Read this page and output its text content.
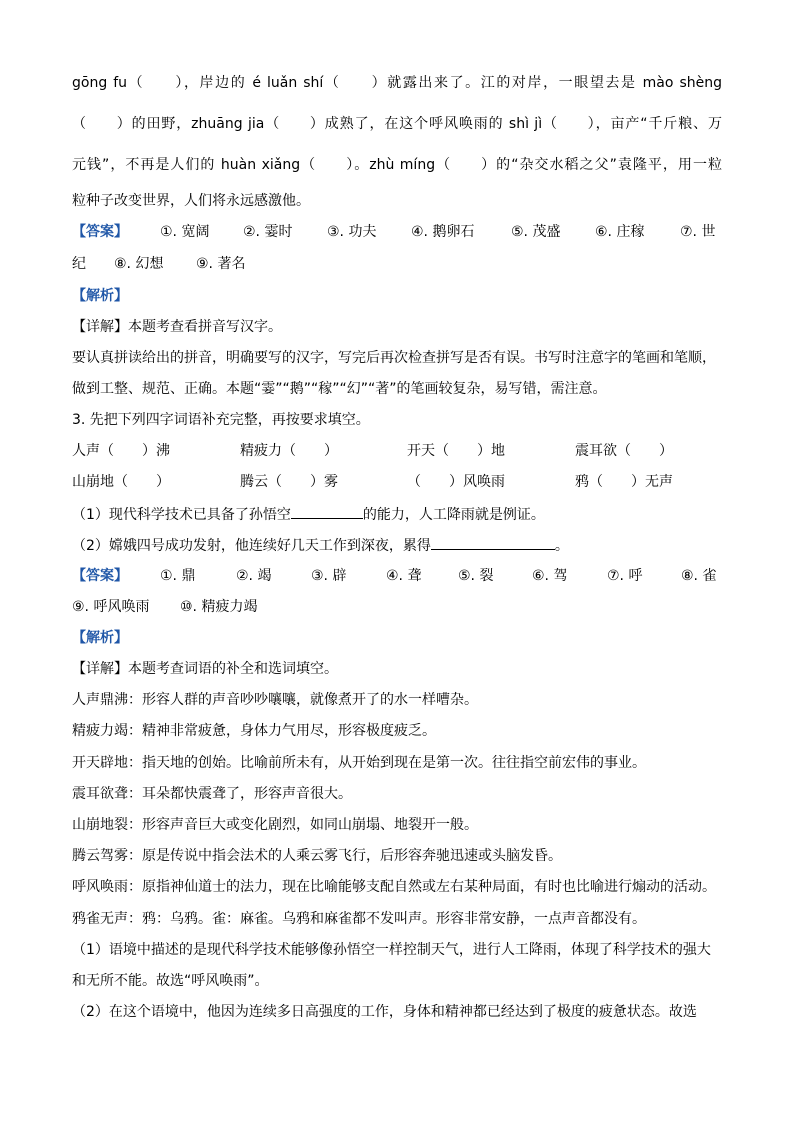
gōng fu（　　），岸边的 é luǎn shí（　　）就露出来了。江的对岸，一眼望去是 mào shèng
（　　）的田野，zhuāng jia（　　）成熟了，在这个呼风唤雨的 shì jì（　　），亩产“千斤粮、万
元钱”，不再是人们的 huàn xiǎng（　　）。zhù míng（　　）的“杂交水稻之父”袁隆平，用一粒
粒种子改变世界，人们将永远感激他。
【答案】 ①. 宽阔 ②. 霎时 ③. 功夫 ④. 鹅卵石	⑤. 茂盛 ⑥. 庄稼	⑦. 世
纪 ⑧. 幻想 ⑨. 著名
【解析】
【详解】本题考查看拼音写汉字。
要认真拼读给出的拼音，明确要写的汉字，写完后再次检查拼写是否有误。书写时注意字的笔画和笔顺，
做到工整、规范、正确。本题“霎”“鹅”“稼”“幻”“著”的笔画较复杂，易写错，需注意。
3. 先把下列四字词语补充完整，再按要求填空。
人声（　　）沸	精疲力（　　）	开天（　　）地	震耳欲（　　）
山崩地（　　）	腾云（　　）雾	（　　）风唤雨	鸦（　　）无声
（1）现代科学技术已具备了孙悟空	的能力，人工降雨就是例证。
（2）嫦娥四号成功发射，他连续好几天工作到深夜，累得	。
【答案】 ①. 鼎	②. 竭	③. 辟	④. 聋	⑤. 裂	⑥. 驾	⑦. 呼	⑧. 雀
⑨. 呼风唤雨 ⑩. 精疲力竭
【解析】
【详解】本题考查词语的补全和选词填空。
人声鼎沸：形容人群的声音吵吵嚷嚷，就像煮开了的水一样嘈杂。
精疲力竭：精神非常疲惫，身体力气用尽，形容极度疲乏。
开天辟地：指天地的创始。比喻前所未有，从开始到现在是第一次。往往指空前宏伟的事业。
震耳欲聋：耳朵都快震聋了，形容声音很大。
山崩地裂：形容声音巨大或变化剧烈，如同山崩塌、地裂开一般。
腾云驾雾：原是传说中指会法术的人乘云雾飞行，后形容奔驰迅速或头脑发昏。
呼风唤雨：原指神仙道士的法力，现在比喻能够支配自然或左右某种局面，有时也比喻进行煽动的活动。
鸦雀无声：鸦：乌鸦。雀：麻雀。乌鸦和麻雀都不发叫声。形容非常安静，一点声音都没有。
（1）语境中描述的是现代科学技术能够像孙悟空一样控制天气，进行人工降雨，体现了科学技术的强大
和无所不能。故选“呼风唤雨”。
（2）在这个语境中，他因为连续多日高强度的工作，身体和精神都已经达到了极度的疲惫状态。故选
